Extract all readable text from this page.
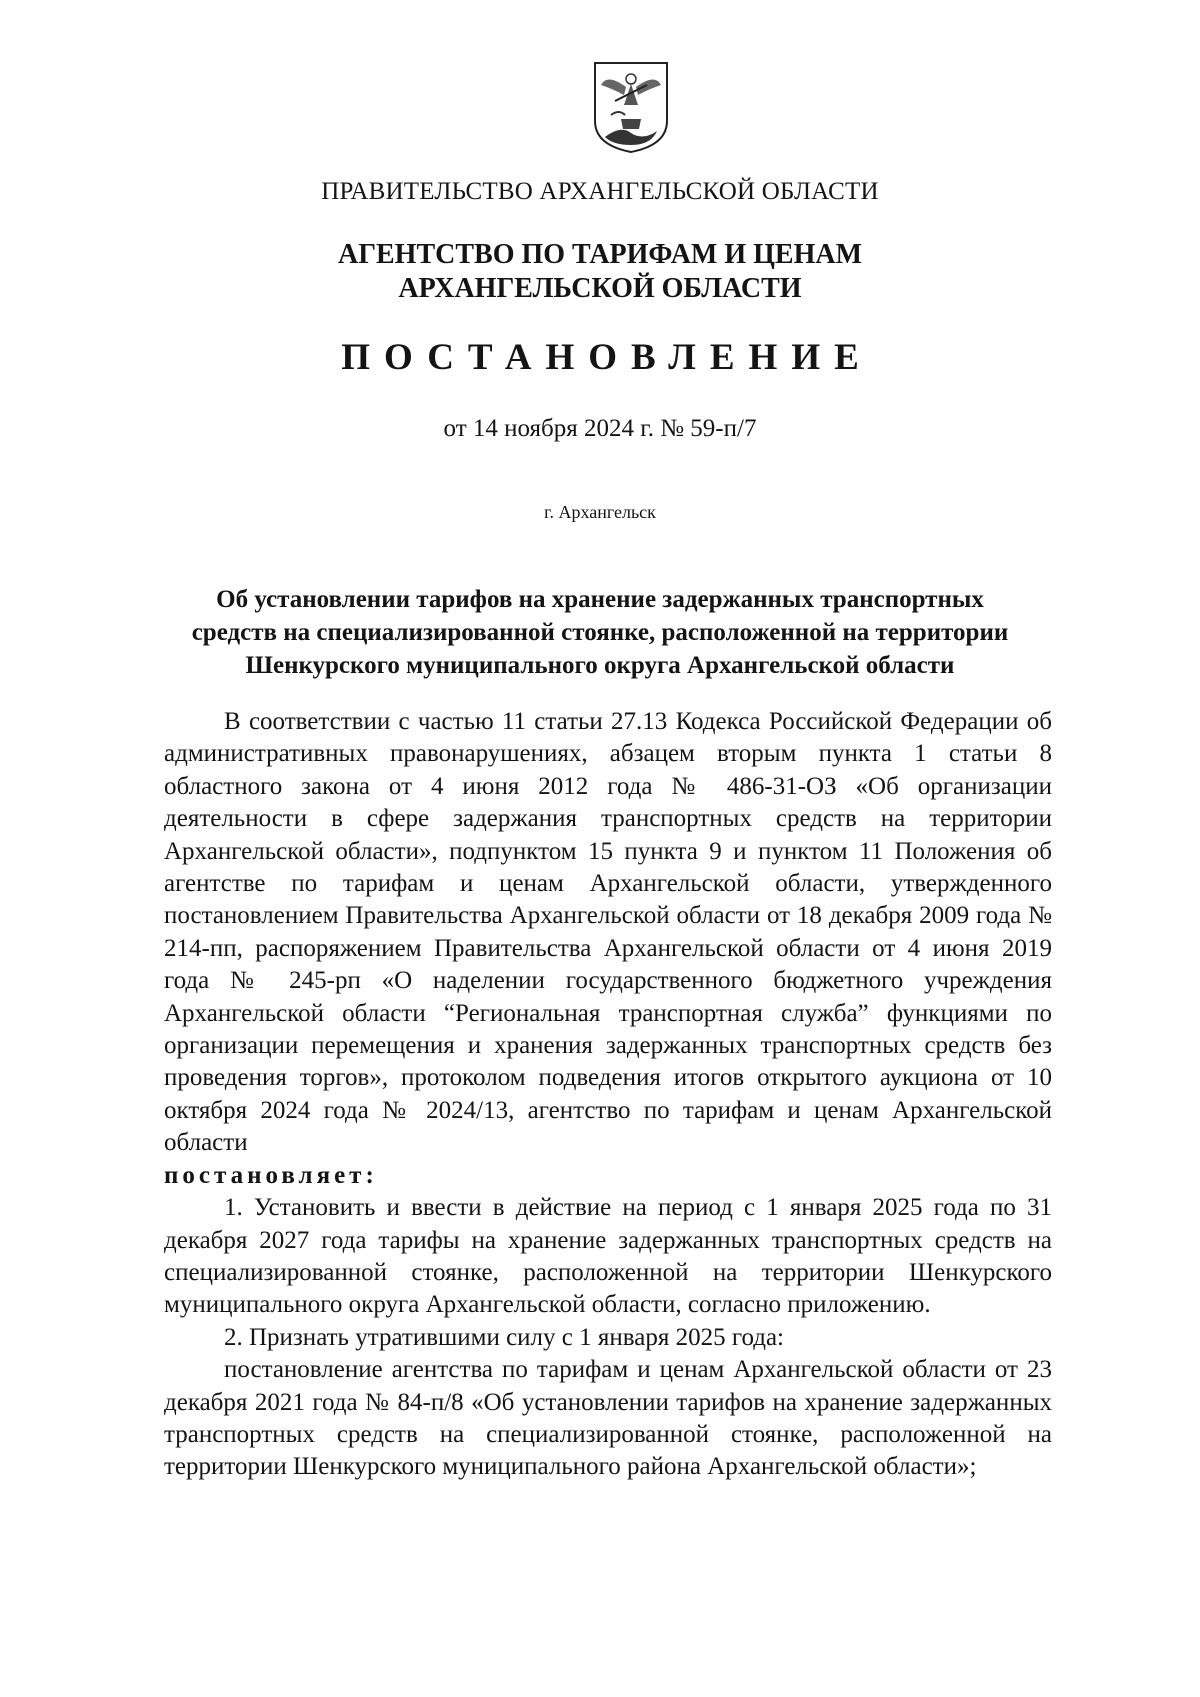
ПРАВИТЕЛЬСТВО АРХАНГЕЛЬСКОЙ ОБЛАСТИ
АГЕНТСТВО ПО ТАРИФАМ И ЦЕНАМ
АРХАНГЕЛЬСКОЙ ОБЛАСТИ
ПОСТАНОВЛЕНИЕ
от 14 ноября 2024 г. № 59-п/7
г. Архангельск
Об установлении тарифов на хранение задержанных транспортных
средств на специализированной стоянке, расположенной на территории
Шенкурского муниципального округа Архангельской области

В соответствии с частью 11 статьи 27.13 Кодекса Российской Федерации об административных правонарушениях, абзацем вторым пункта 1 статьи 8 областного закона от 4 июня 2012 года № 486-31-ОЗ «Об организации деятельности в сфере задержания транспортных средств на территории Архангельской области», подпунктом 15 пункта 9 и пунктом 11 Положения об агентстве по тарифам и ценам Архангельской области, утвержденного постановлением Правительства Архангельской области от 18 декабря 2009 года № 214-пп, распоряжением Правительства Архангельской области от 4 июня 2019 года № 245-рп «О наделении государственного бюджетного учреждения Архангельской области “Региональная транспортная служба” функциями по организации перемещения и хранения задержанных транспортных средств без проведения торгов», протоколом подведения итогов открытого аукциона от 10 октября 2024 года № 2024/13, агентство по тарифам и ценам Архангельской области

постановляет:

1. Установить и ввести в действие на период с 1 января 2025 года по 31 декабря 2027 года тарифы на хранение задержанных транспортных средств на специализированной стоянке, расположенной на территории Шенкурского муниципального округа Архангельской области, согласно приложению.

2. Признать утратившими силу с 1 января 2025 года:

постановление агентства по тарифам и ценам Архангельской области от 23 декабря 2021 года № 84-п/8 «Об установлении тарифов на хранение задержанных транспортных средств на специализированной стоянке, расположенной на территории Шенкурского муниципального района Архангельской области»;
